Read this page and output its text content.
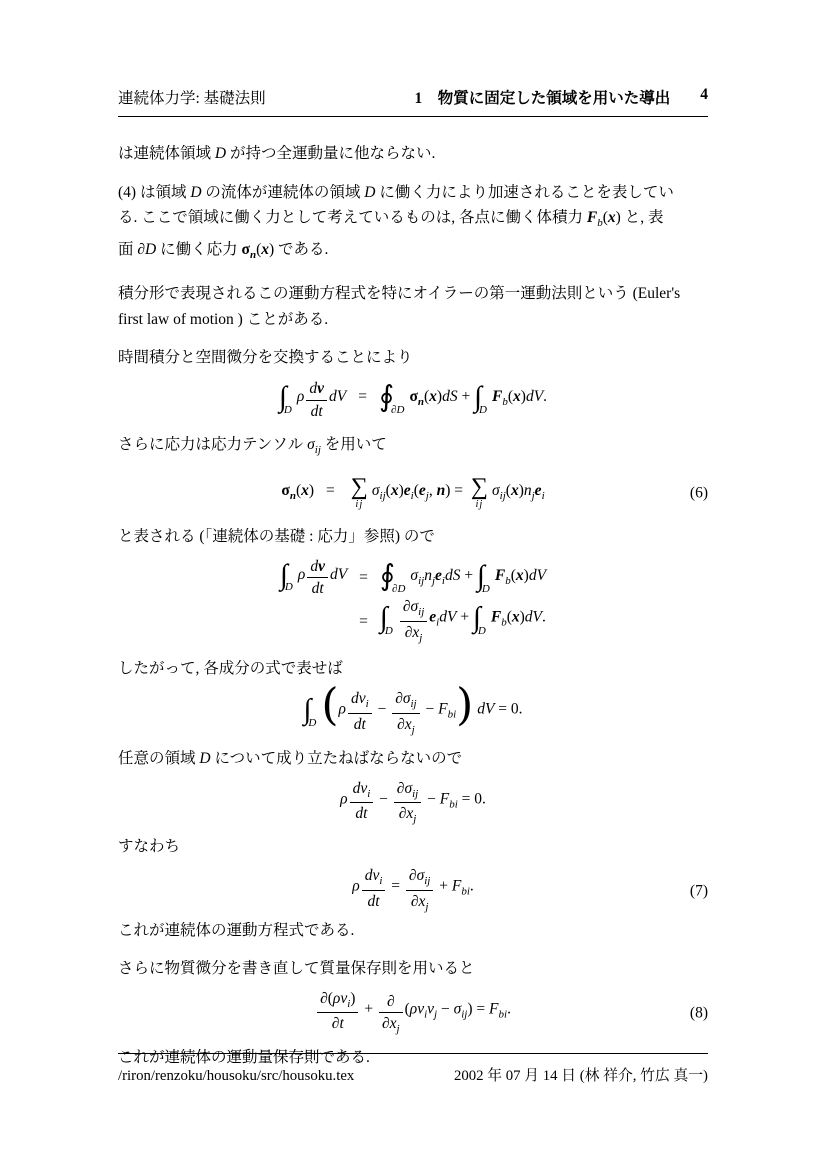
連続体力学: 基礎法則	1　物質に固定した領域を用いた導出 4

は連続体領域 D が持つ全運動量に他ならない.

(4) は領域 D の流体が連続体の領域 D に働く力により加速されることを表してい
る. ここで領域に働く力として考えているものは, 各点に働く体積力 $F_b(x)$ と, 表
面 ∂D に働く応力 $\sigma_n(x)$ である.

積分形で表現されるこの運動方程式を特にオイラーの第一運動法則という (Euler's
first law of motion ) ことがある.

時間積分と空間微分を交換することにより

$\int_D\rho \frac{dv}{dt}$ dV = $∮_{\partial D}\sigma_n(x)dS + \int_DF_b(x)dV$.

さらに応力は応力テンソル $\sigma_{ij}$ を用いて

$\sigma_n(x)$ = ∑
ij
$\sigma_{ij}(x)e_i(e_j$, n) = ∑
ij
$\sigma_{ij}(x)n_je_i$	(6)

と表される (「連続体の基礎 : 応力」参照) ので

$\int_D\rho \frac{dv}{dt}$ dV = $∮_{\partial D}\sigma_{ij}n_je_idS + \int_DF_b(x)dV$
= $\int_D$
$\partial\sigma_{ij}$
$\partial x_j$
$e_idV + \int_DF_b(x)dV$.

したがって, 各成分の式で表せば

$\int_D$ (ρ
$dv_i$
dt
−
$\partial\sigma_{ij}$
$\partial x_j$
− $F_{bi}$) dV = 0.

任意の領域 D について成り立たねばならないので

ρ
$dv_i$
dt
−
$\partial\sigma_{ij}$
$\partial x_j$
− $F_{bi} = 0$.

すなわち

ρ
$dv_i$
dt
=
$\partial\sigma_{ij}$
$\partial x_j$
+ $F_{bi}$.	(7)

これが連続体の運動方程式である.

さらに物質微分を書き直して質量保存則を用いると

$\partial(\rho v_i)$
∂t
+ ∂
$\partial x_j$
$(\rho v_iv_j - \sigma_{ij}) = F_{bi}$.	(8)

これが連続体の運動量保存則である.

/riron/renzoku/housoku/src/housoku.tex	2002 年 07 月 14 日 (林 祥介, 竹広 真一)
